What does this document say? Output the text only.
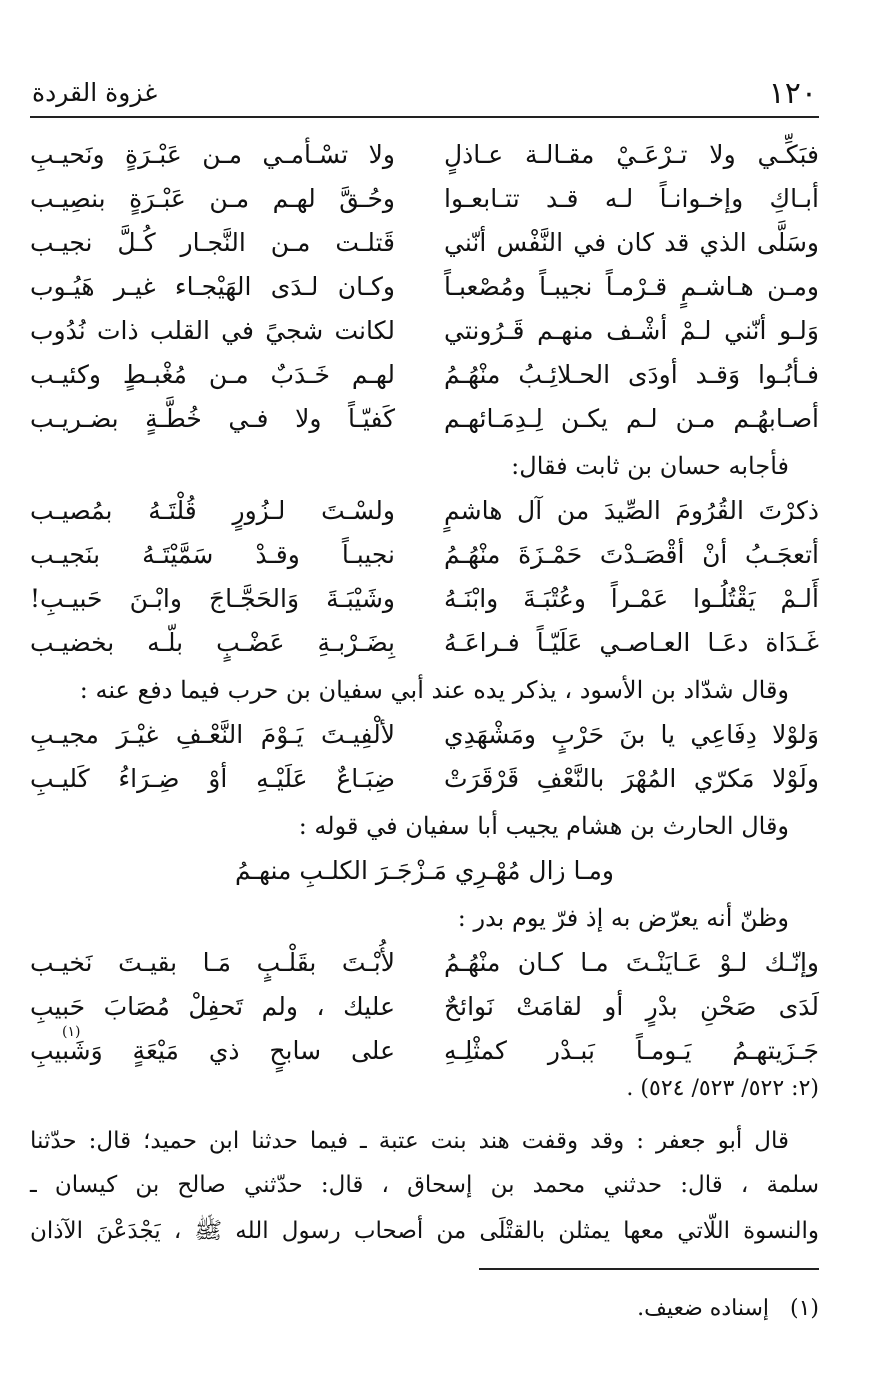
١٢٠
غزوة القردة
فبَكِّـي ولا تـرْعَـيْ مقـالـة عـاذلٍ
ولا تسْـأمـي مـن عَبْـرَةٍ ونَحيـبِ
أبـاكِ وإخـوانـاً لـه قـد تتـابعـوا
وحُـقَّ لهـم مـن عَبْـرَةٍ بنصِيـب
وسَلَّى الذي قد كان في النَّفْس أنّني
قَتلـت مـن النَّجـار كُـلَّ نجيـب
ومـن هـاشـمٍ قـرْمـاً نجيبـاً ومُصْعبـاً
وكـان لـدَى الهَيْجـاء غيـر هَيُـوب
وَلـو أنّني لـمْ أشْـف منهـم قَـرُونتي
لكانت شجيً في القلب ذات نُدُوب
فـأبُـوا وَقـد أودَى الحـلائِـبُ منْهُـمُ
لهـم خَـدَبٌ مـن مُغْبـطٍ وكئيـب
أصـابهُـم مـن لـم يكـن لِـدِمَـائهـم
كَفيّـاً ولا فـي خُطَّـةٍ بضـريـب
فأجابه حسان بن ثابت فقال:
ذكرْتَ القُرُومَ الصِّيدَ من آل هاشمٍ
ولسْـتَ لـزُورٍ قُلْتَـهُ بمُصيـب
أتعجَـبُ أنْ أقْصَـدْتَ حَمْـزَةَ منْهُـمُ
نجيبـاً وقـدْ سَمَّيْتَـهُ بنَجيـب
أَلـمْ يَقْتُلُـوا عَمْـراً وعُتْبَـةَ وابْنَـهُ
وشَيْبَـةَ وَالحَجَّـاجَ وابْـنَ حَبيـبِ!
غَـدَاة دعَـا العـاصـي عَلَيّـاً فـراعَـهُ
بِضَـرْبـةِ عَضْـبٍ بلّـه بخضيـب
وقال شدّاد بن الأسود ، يذكر يده عند أبي سفيان بن حرب فيما دفع عنه :
وَلوْلا دِفَاعِي يا بنَ حَرْبٍ ومَشْهَدِي
لألْفِيـتَ يَـوْمَ النَّعْـفِ غيْـرَ مجيـبِ
ولَوْلا مَكرّي المُهْرَ بالنَّعْفِ قَرْقَرَتْ
ضِبَـاعٌ عَلَيْـهِ أوْ ضِـرَاءُ كَليـبِ
وقال الحارث بن هشام يجيب أبا سفيان في قوله :
ومـا زال مُهْـرِي مَـزْجَـرَ الكلـبِ منهـمُ
وظنّ أنه يعرّض به إذ فرّ يوم بدر :
وإنّـك لـوْ عَـايَنْـتَ مـا كـان منْهُـمُ
لأُبْـتَ بقَلْـبٍ مَـا بقيـتَ نَخيـب
لَدَى صَحْنِ بدْرٍ أو لقامَتْ نَوائحٌ
عليك ، ولم تَحفِلْ مُصَابَ حَبيبِ
جَـزَيتهـمُ يَـومـاً بَبـدْر كمثْلِـهِ
على سابحٍ ذي مَيْعَةٍ وَشَبيبِ
(١)
(٢: ٥٢٢/ ٥٢٣/ ٥٢٤) .
قال أبو جعفر : وقد وقفت هند بنت عتبة ـ فيما حدثنا ابن حميد؛ قال: حدّثنا
سلمة ، قال: حدثني محمد بن إسحاق ، قال: حدّثني صالح بن كيسان ـ
والنسوة اللّاتي معها يمثلن بالقتْلَى من أصحاب رسول الله ﷺ ، يَجْدَعْنَ الآذان
(١)   إسناده ضعيف.
